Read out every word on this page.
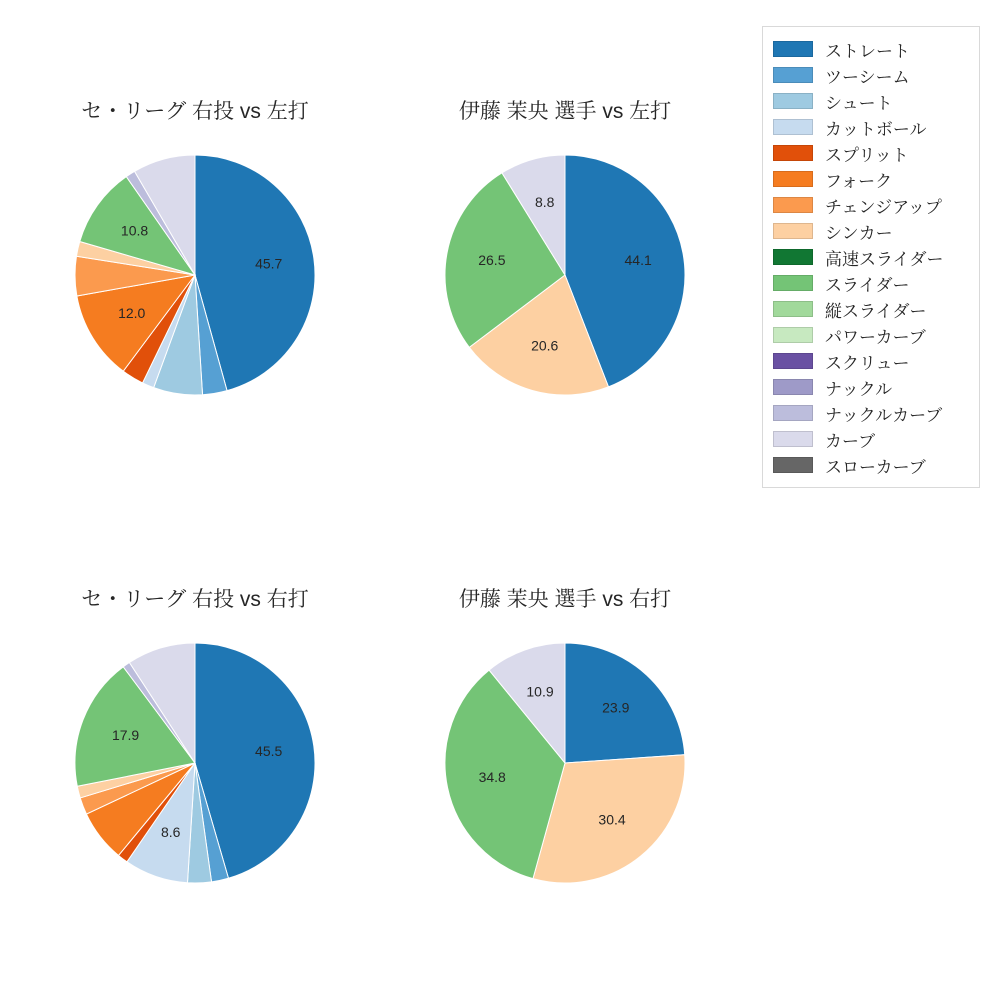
セ・リーグ 右投 vs 左打
45.7
12.0
10.8
伊藤 茉央 選手 vs 左打
44.1
20.6
26.5
8.8
セ・リーグ 右投 vs 右打
45.5
8.6
17.9
伊藤 茉央 選手 vs 右打
23.9
30.4
34.8
10.9
ストレート
ツーシーム
シュート
カットボール
スプリット
フォーク
チェンジアップ
シンカー
高速スライダー
スライダー
縦スライダー
パワーカーブ
スクリュー
ナックル
ナックルカーブ
カーブ
スローカーブ
